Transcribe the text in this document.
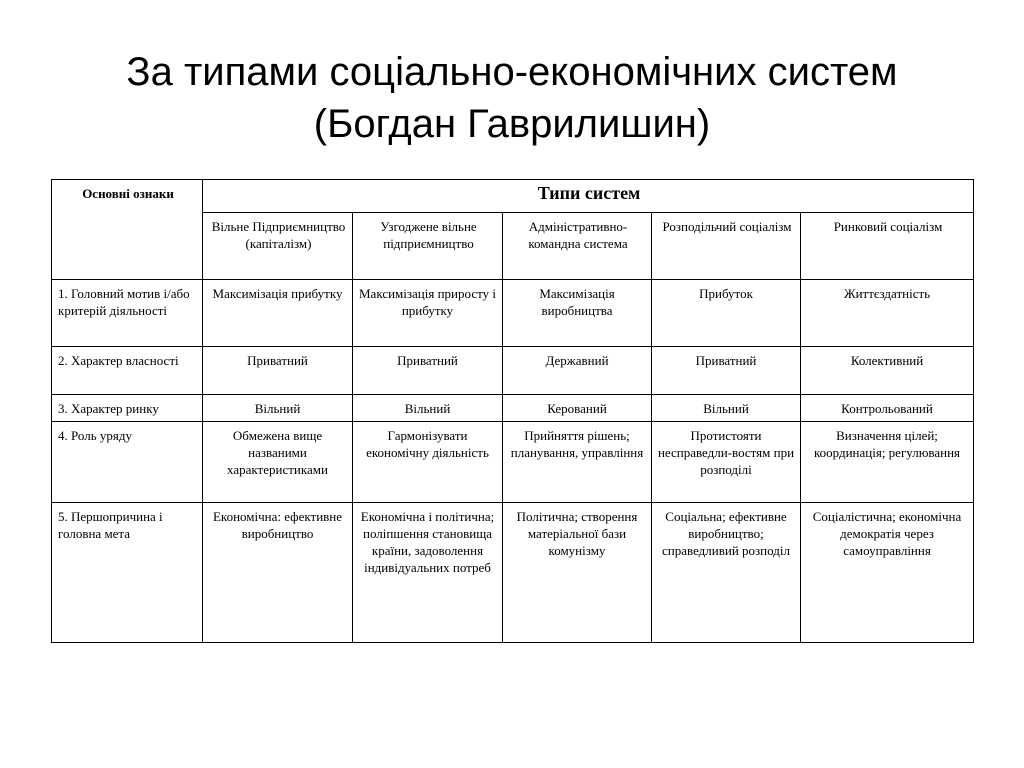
За типами соціально-економічних систем
(Богдан Гаврилишин)
Основні ознаки	Типи систем				
	Вільне Підприємництво (капіталізм)	Узгоджене вільне підприємництво	Адміністративно-командна система	Розподільчий соціалізм	Ринковий соціалізм
1. Головний мотив і/або критерій діяльності	Максимізація прибутку	Максимізація приросту і прибутку	Максимізація виробництва	Прибуток	Життєздатність
2. Характер власності	Приватний	Приватний	Державний	Приватний	Колективний
3. Характер ринку	Вільний	Вільний	Керований	Вільний	Контрольований
4. Роль уряду	Обмежена вище названими характеристиками	Гармонізувати економічну діяльність	Прийняття рішень; планування, управління	Протистояти несправедли-востям при розподілі	Визначення цілей; координація; регулювання
5. Першопричина і головна мета	Економічна: ефективне виробництво	Економічна і політична; поліпшення становища країни, задоволення індивідуальних потреб	Політична; створення матеріальної бази комунізму	Соціальна; ефективне виробництво; справедливий розподіл	Соціалістична; економічна демократія через самоуправління
